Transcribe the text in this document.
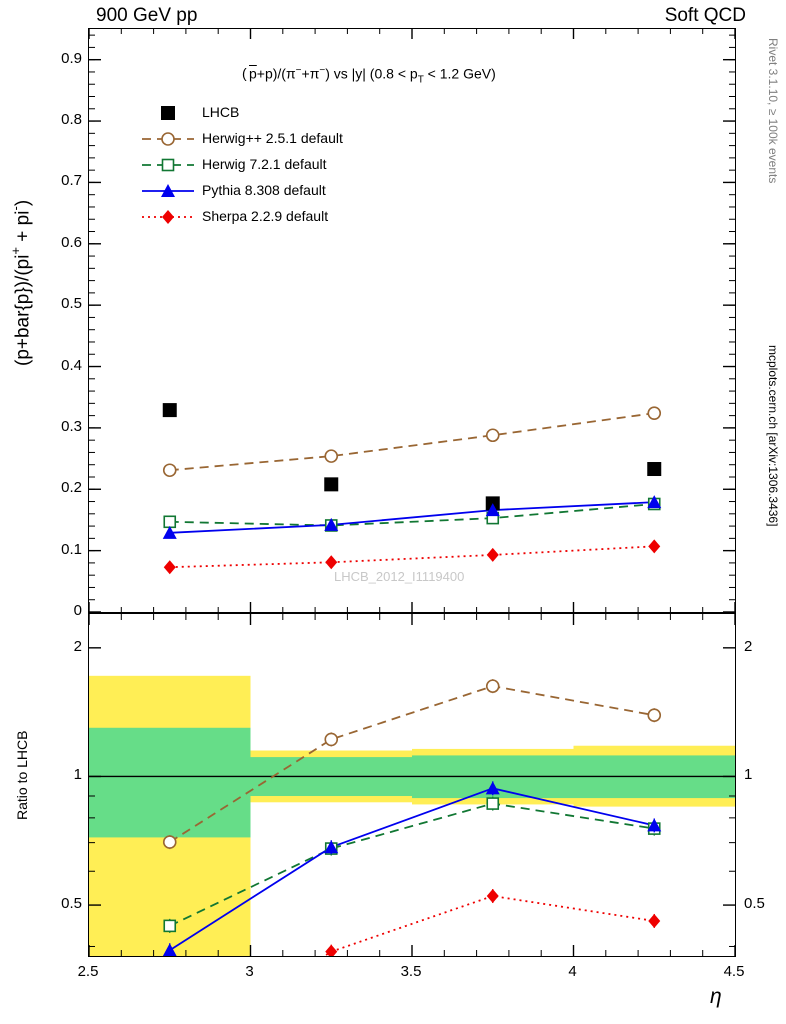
900 GeV pp	Soft QCD
Rivet 3.1.10, ≥ 100k events
mcplots.cern.ch [arXiv:1306.3436]
$\overline{p}+p)/(\pi^-+\pi^-)$ vs |y| ($0.8 < p_T < 1.2$ GeV)
(
LHCB_2012_I1119400
(p+bar{p})/(pi+ + pi-)
0.9
0.8
0.7
0.6
0.5
0.4
0.3
0.2
0.1
0
Ratio to LHCB
2
1
0.5
2
1
0.5
2.5	3	3.5	4	4.5
η
LHCB
Herwig++ 2.5.1 default
Herwig 7.2.1 default
Pythia 8.308 default
Sherpa 2.2.9 default
